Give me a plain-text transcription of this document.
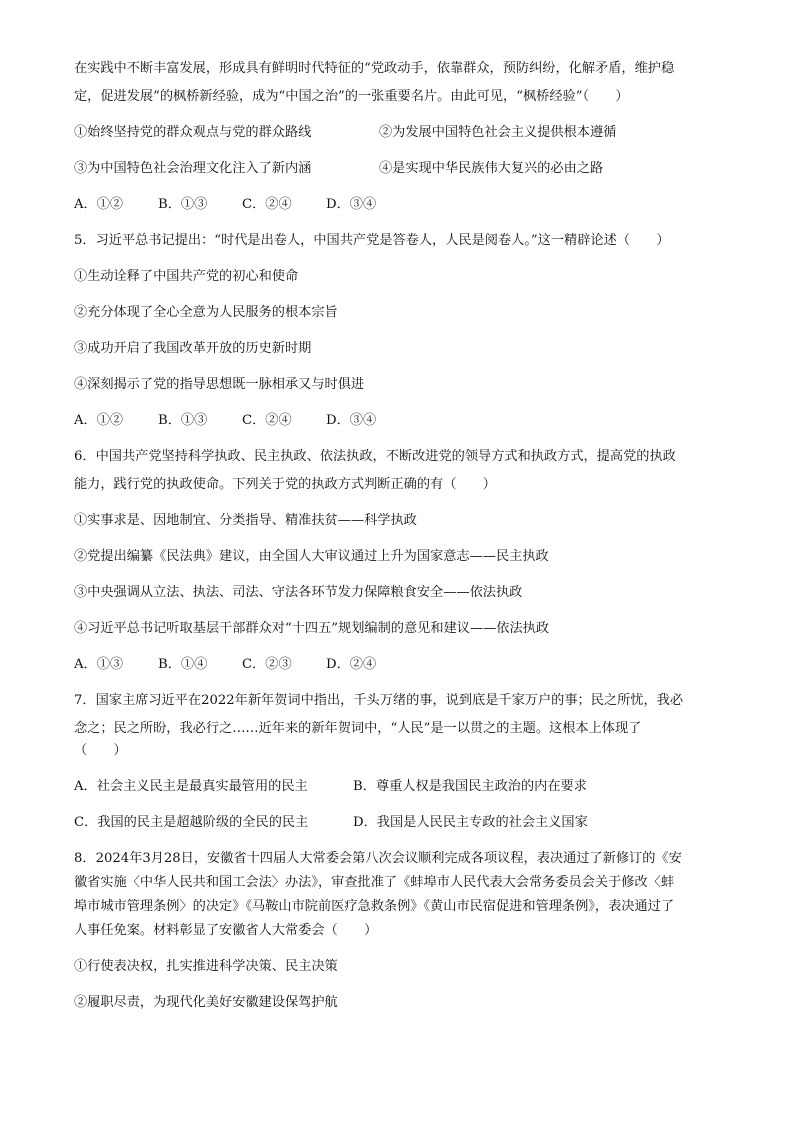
在实践中不断丰富发展，形成具有鲜明时代特征的“党政动手，依靠群众，预防纠纷，化解矛盾，维护稳
定，促进发展”的枫桥新经验，成为“中国之治”的一张重要名片。由此可见，“枫桥经验”（　　）
①始终坚持党的群众观点与党的群众路线	②为发展中国特色社会主义提供根本遵循
③为中国特色社会治理文化注入了新内涵	④是实现中华民族伟大复兴的必由之路
A．①②	B．①③	C．②④	D．③④
5．习近平总书记提出：“时代是出卷人，中国共产党是答卷人，人民是阅卷人。”这一精辟论述（　　）
①生动诠释了中国共产党的初心和使命
②充分体现了全心全意为人民服务的根本宗旨
③成功开启了我国改革开放的历史新时期
④深刻揭示了党的指导思想既一脉相承又与时俱进
A．①②	B．①③	C．②④	D．③④
6．中国共产党坚持科学执政、民主执政、依法执政，不断改进党的领导方式和执政方式，提高党的执政
能力，践行党的执政使命。下列关于党的执政方式判断正确的有（　　）
①实事求是、因地制宜、分类指导、精准扶贫——科学执政
②党提出编纂《民法典》建议，由全国人大审议通过上升为国家意志——民主执政
③中央强调从立法、执法、司法、守法各环节发力保障粮食安全——依法执政
④习近平总书记听取基层干部群众对“十四五”规划编制的意见和建议——依法执政
A．①③	B．①④	C．②③	D．②④
7．国家主席习近平在2022年新年贺词中指出，千头万绪的事，说到底是千家万户的事；民之所忧，我必
念之；民之所盼，我必行之……近年来的新年贺词中，“人民”是一以贯之的主题。这根本上体现了
（　　）
A．社会主义民主是最真实最管用的民主	B．尊重人权是我国民主政治的内在要求
C．我国的民主是超越阶级的全民的民主	D．我国是人民民主专政的社会主义国家
8．2024年3月28日，安徽省十四届人大常委会第八次会议顺利完成各项议程，表决通过了新修订的《安
徽省实施〈中华人民共和国工会法〉办法》，审查批准了《蚌埠市人民代表大会常务委员会关于修改〈蚌
埠市城市管理条例〉的决定》《马鞍山市院前医疗急救条例》《黄山市民宿促进和管理条例》，表决通过了
人事任免案。材料彰显了安徽省人大常委会（　　）
①行使表决权，扎实推进科学决策、民主决策
②履职尽责，为现代化美好安徽建设保驾护航
